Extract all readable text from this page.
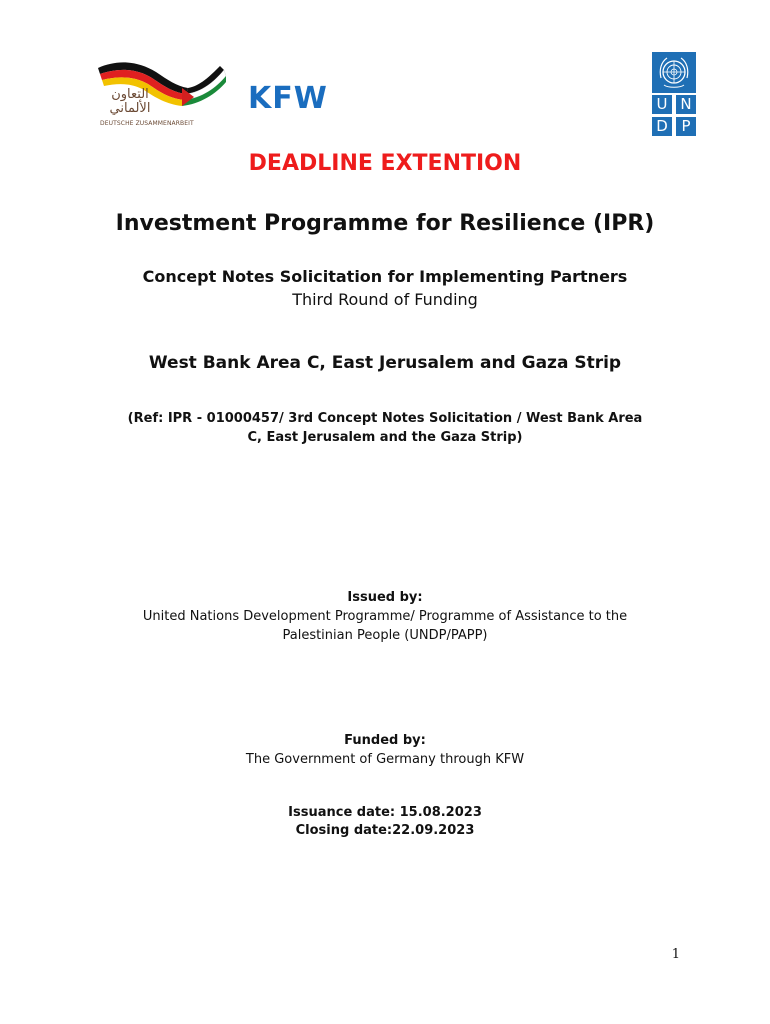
التعاون
الألماني
DEUTSCHE ZUSAMMENARBEIT
KFW	U N
D P
DEADLINE EXTENTION
Investment Programme for Resilience (IPR)
Concept Notes Solicitation for Implementing Partners
Third Round of Funding
West Bank Area C, East Jerusalem and Gaza Strip
(Ref: IPR - 01000457/ 3rd Concept Notes Solicitation / West Bank Area
C, East Jerusalem and the Gaza Strip)
Issued by:
United Nations Development Programme/ Programme of Assistance to the
Palestinian People (UNDP/PAPP)
Funded by:
The Government of Germany through KFW
Issuance date: 15.08.2023
Closing date:22.09.2023
1
